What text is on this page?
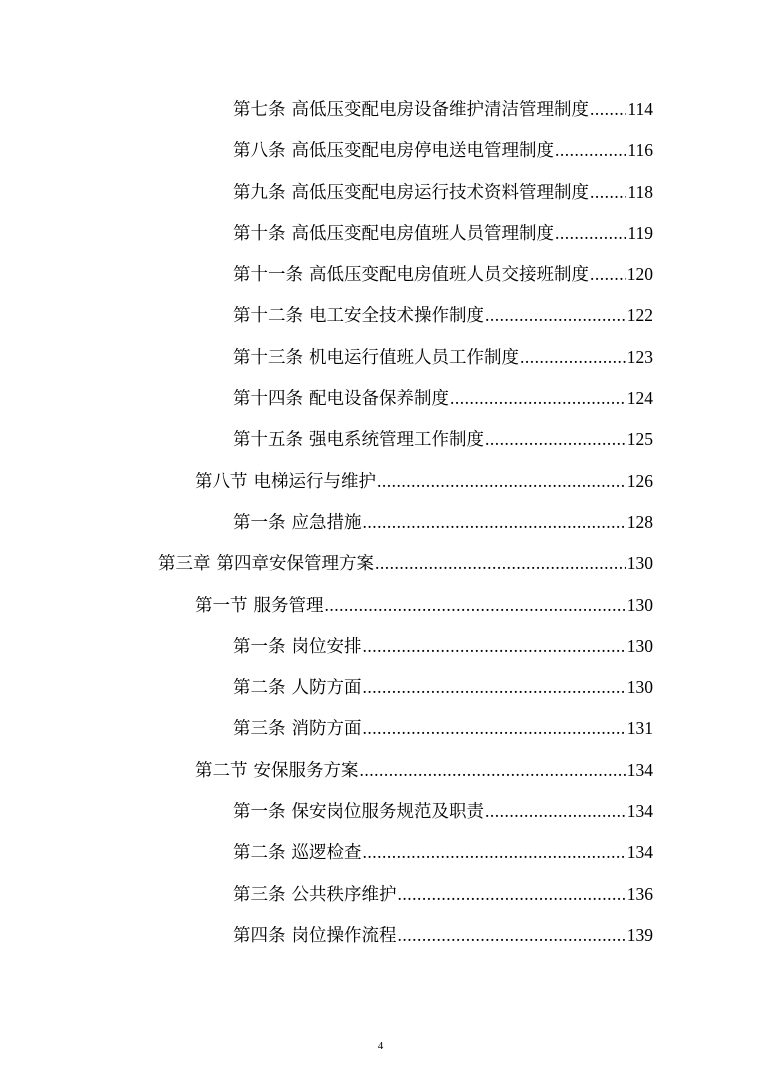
第七条 高低压变配电房设备维护清洁管理制度 ..... 114
第八条 高低压变配电房停电送电管理制度 .....	116
第九条 高低压变配电房运行技术资料管理制度 ..... 118
第十条 高低压变配电房值班人员管理制度 .....	119
第十一条 高低压变配电房值班人员交接班制度 ..... 120
第十二条 电工安全技术操作制度 .....	122
第十三条 机电运行值班人员工作制度 .....	123
第十四条 配电设备保养制度 .....	124
第十五条 强电系统管理工作制度 .....	125
第八节 电梯运行与维护 .....	126
第一条 应急措施 .....	128
第三章 第四章安保管理方案 .....	130
第一节 服务管理 .....	130
第一条 岗位安排 .....	130
第二条 人防方面 .....	130
第三条 消防方面 .....	131
第二节 安保服务方案 .....	134
第一条 保安岗位服务规范及职责 .....	134
第二条 巡逻检查 .....	134
第三条 公共秩序维护 .....	136
第四条 岗位操作流程 .....	139
4
